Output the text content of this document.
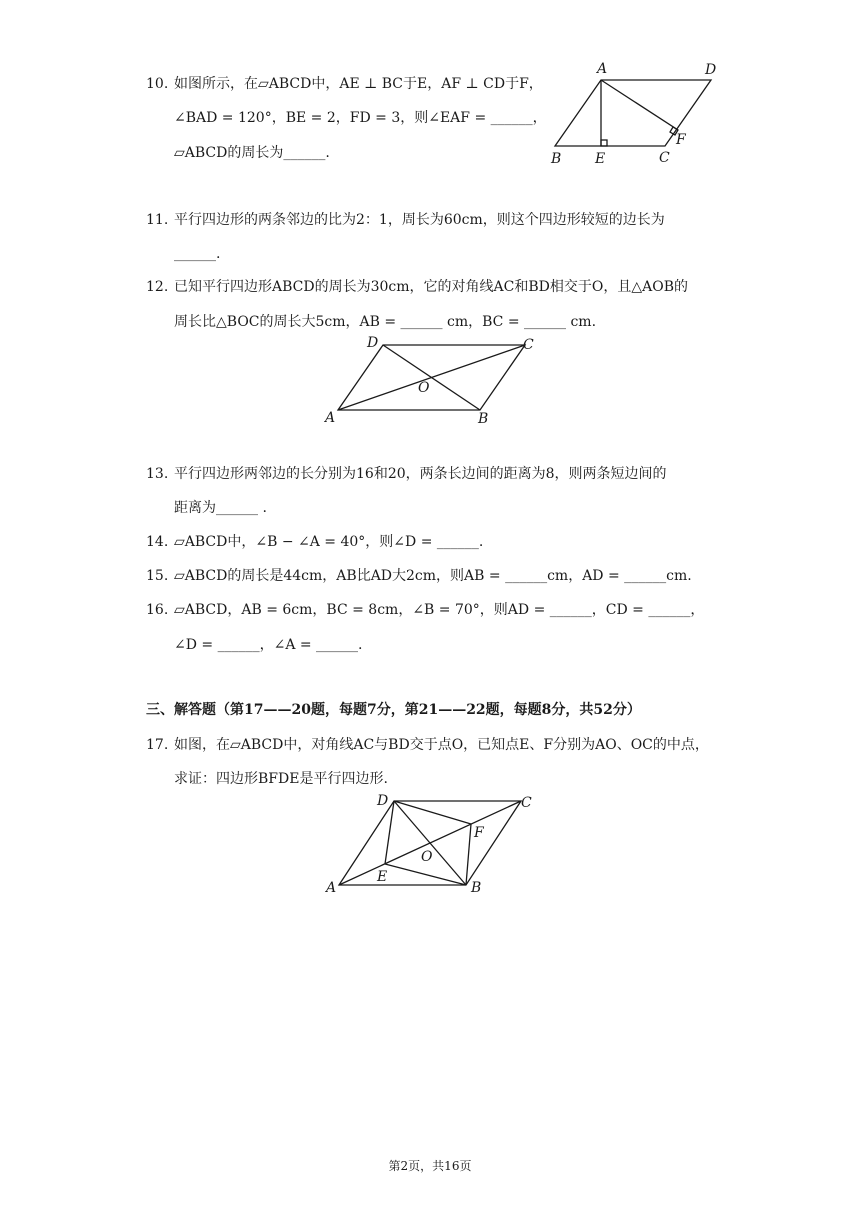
10. 如图所示，在▱ABCD中，AE ⊥ BC于E，AF ⊥ CD于F，
∠BAD = 120°，BE = 2，FD = 3，则∠EAF = ______，
▱ABCD的周长为______.
A	D
B E	C
F
11. 平行四边形的两条邻边的比为2：1，周长为60cm，则这个四边形较短的边长为
______.
12. 已知平行四边形ABCD的周长为30cm，它的对角线AC和BD相交于O，且△AOB的
周长比△BOC的周长大5cm，AB = ______ cm，BC = ______ cm.
D	C
A	B
O
13. 平行四边形两邻边的长分别为16和20，两条长边间的距离为8，则两条短边间的
距离为______ .
14. ▱ABCD中，∠B − ∠A = 40°，则∠D = ______.
15. ▱ABCD的周长是44cm，AB比AD大2cm，则AB = ______cm，AD = ______cm.
16. ▱ABCD，AB = 6cm，BC = 8cm，∠B = 70°，则AD = ______，CD = ______，
∠D = ______，∠A = ______.
三、解答题（第17——20题，每题7分，第21——22题，每题8分，共52分）
17. 如图，在▱ABCD中，对角线AC与BD交于点O，已知点E、F分别为AO、OC的中点，
求证：四边形BFDE是平行四边形.
D	C
A	B
F
E
O
第2页，共16页
